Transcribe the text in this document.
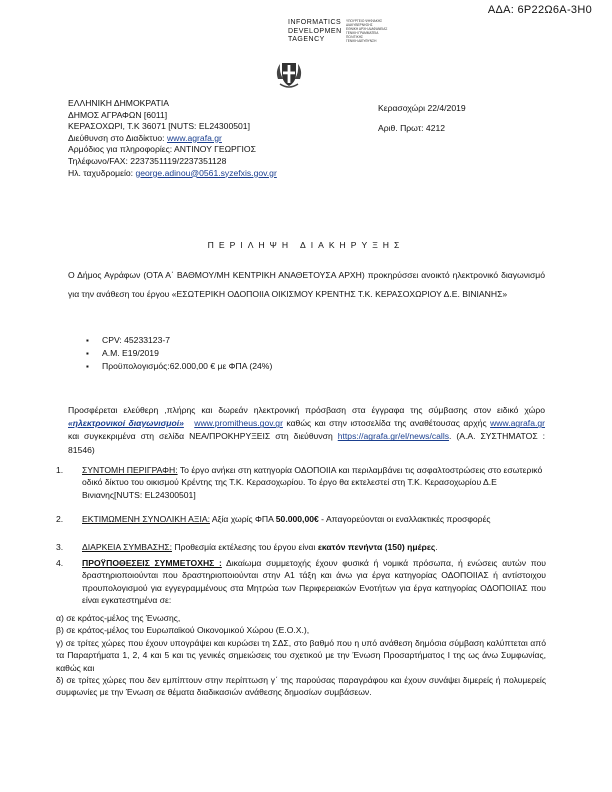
ΑΔΑ: 6Ρ22Ω6Α-3Η0
INFORMATICS
DEVELOPMEN
TAGENCY
ΥΠΟΥΡΓΕΙΟ ΨΗΦΙΑΚΗΣ
ΔΙΑΚΥΒΕΡΝΗΣΗΣ
ΕΘΝΙΚΗ ΑΡΧΗ ΔΙΑΦΑΝΕΙΑΣ
ΓΕΝΙΚΗ ΓΡΑΜΜΑΤΕΙΑ
ΠΟΛΙΤΙΚΗΣ
ΓΕΝΙΚΗ ΔΙΕΥΘΥΝΣΗ
ΕΛΛΗΝΙΚΗ ΔΗΜΟΚΡΑΤΙΑ
ΔΗΜΟΣ ΑΓΡΑΦΩΝ [6011]
ΚΕΡΑΣΟΧΩΡΙ, Τ.Κ 36071 [NUTS: EL24300501]
Διεύθυνση στο Διαδίκτυο: www.agrafa.gr
Αρμόδιος για πληροφορίες: ΑΝΤΙΝΟΥ ΓΕΩΡΓΙΟΣ
Τηλέφωνο/FAX: 2237351119/2237351128
Ηλ. ταχυδρομείο: george.adinou@0561.syzefxis.gov.gr
Κερασοχώρι 22/4/2019
Αριθ. Πρωτ: 4212
ΠΕΡΙΛΗΨΗ ΔΙΑΚΗΡΥΞΗΣ
Ο Δήμος Αγράφων (ΟΤΑ Α΄ ΒΑΘΜΟΥ/ΜΗ ΚΕΝΤΡΙΚΗ ΑΝΑΘΕΤΟΥΣΑ ΑΡΧΗ) προκηρύσσει ανοικτό ηλεκτρονικό διαγωνισμό για την ανάθεση του έργου «ΕΣΩΤΕΡΙΚΗ ΟΔΟΠΟΙΙΑ ΟΙΚΙΣΜΟΥ ΚΡΕΝΤΗΣ Τ.Κ. ΚΕΡΑΣΟΧΩΡΙΟΥ Δ.Ε. ΒΙΝΙΑΝΗΣ»
▪ CPV: 45233123-7
▪ Α.Μ. Ε19/2019
▪ Προϋπολογισμός:62.000,00 € με ΦΠΑ (24%)
Προσφέρεται ελεύθερη ,πλήρης και δωρεάν ηλεκτρονική πρόσβαση στα έγγραφα της σύμβασης στον ειδικό χώρο «ηλεκτρονικοί διαγωνισμοί» www.promitheus.gov.gr καθώς και στην ιστοσελίδα της αναθέτουσας αρχής www.agrafa.gr και συγκεκριμένα στη σελίδα ΝΕΑ/ΠΡΟΚΗΡΥΞΕΙΣ στη διεύθυνση https://agrafa.gr/el/news/calls. (Α.Α. ΣΥΣΤΗΜΑΤΟΣ : 81546)
1. ΣΥΝΤΟΜΗ ΠΕΡΙΓΡΑΦΗ: Το έργο ανήκει στη κατηγορία ΟΔΟΠΟΙΙΑ και περιλαμβάνει τις ασφαλτοστρώσεις στο εσωτερικό οδικό δίκτυο του οικισμού Κρέντης της Τ.Κ. Κερασοχωρίου. Το έργο θα εκτελεστεί στη Τ.Κ. Κερασοχωρίου Δ.Ε Βινιανης[NUTS: EL24300501]
2. ΕΚΤΙΜΩΜΕΝΗ ΣΥΝΟΛΙΚΗ ΑΞΙΑ: Αξία χωρίς ΦΠΑ 50.000,00€ - Απαγορεύονται οι εναλλακτικές προσφορές
3. ΔΙΑΡΚΕΙΑ ΣΥΜΒΑΣΗΣ: Προθεσμία εκτέλεσης του έργου είναι εκατόν πενήντα (150) ημέρες.
4. ΠΡΟΫΠΟΘΕΣΕΙΣ ΣΥΜΜΕΤΟΧΗΣ : Δικαίωμα συμμετοχής έχουν φυσικά ή νομικά πρόσωπα, ή ενώσεις αυτών που δραστηριοποιούνται που δραστηριοποιούνται στην Α1 τάξη και άνω για έργα κατηγορίας ΟΔΟΠΟΙΙΑΣ ή αντίστοιχου προυπολογισμού για εγγεγραμμένους στα Μητρώα των Περιφερειακών Ενοτήτων για έργα κατηγορίας ΟΔΟΠΟΙΙΑΣ που είναι εγκατεστημένα σε:
α) σε κράτος-μέλος της Ένωσης,
β) σε κράτος-μέλος του Ευρωπαϊκού Οικονομικού Χώρου (Ε.Ο.Χ.),
γ) σε τρίτες χώρες που έχουν υπογράψει και κυρώσει τη ΣΔΣ, στο βαθμό που η υπό ανάθεση δημόσια σύμβαση καλύπτεται από τα Παραρτήματα 1, 2, 4 και 5 και τις γενικές σημειώσεις του σχετικού με την Ένωση Προσαρτήματος I της ως άνω Συμφωνίας, καθώς και
δ) σε τρίτες χώρες που δεν εμπίπτουν στην περίπτωση γ΄ της παρούσας παραγράφου και έχουν συνάψει διμερείς ή πολυμερείς συμφωνίες με την Ένωση σε θέματα διαδικασιών ανάθεσης δημοσίων συμβάσεων.
